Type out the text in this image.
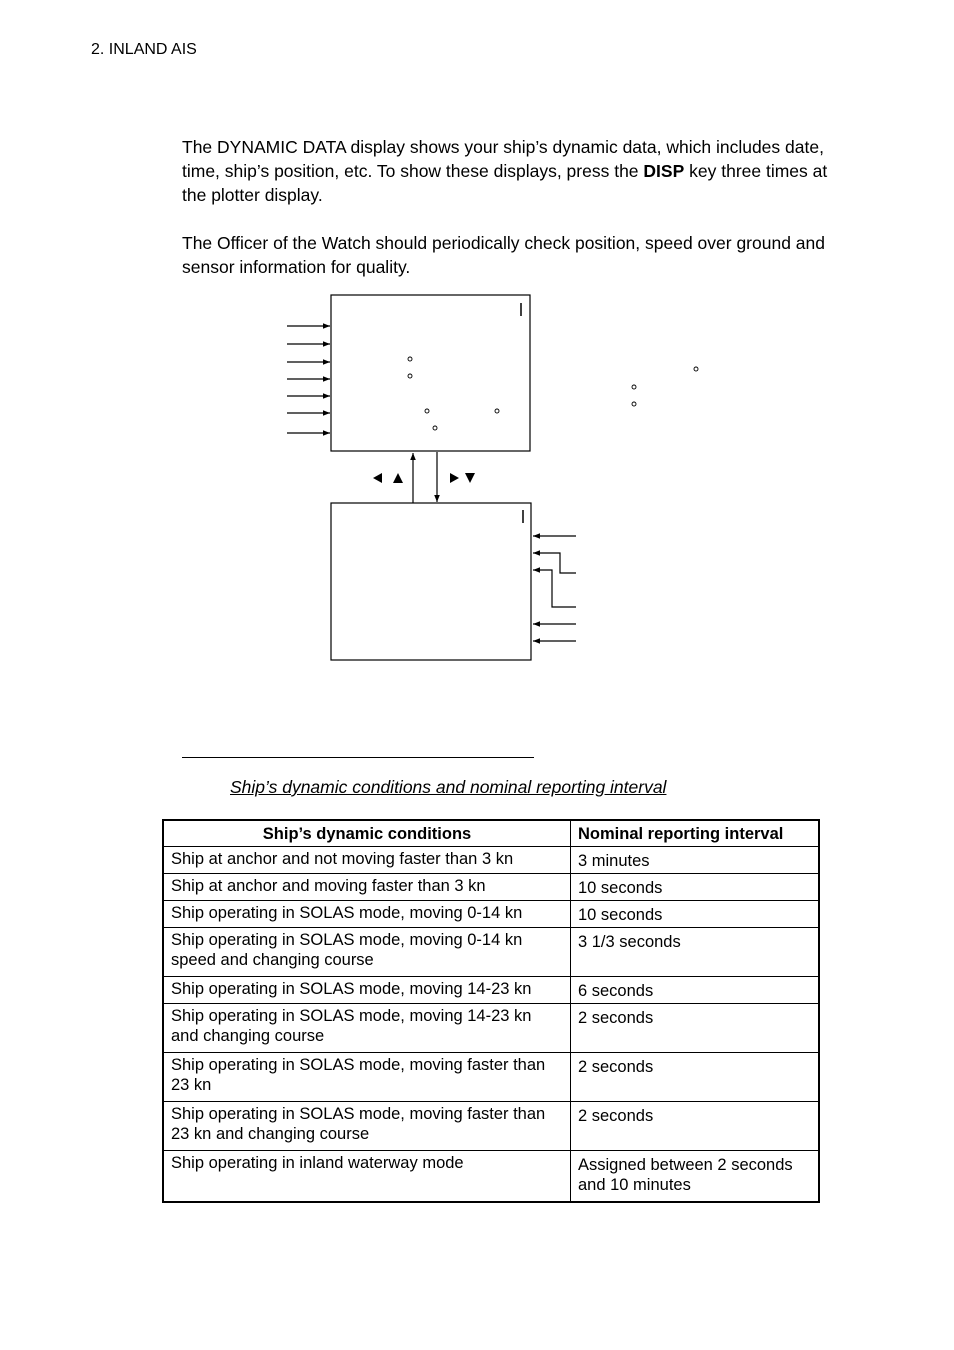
2. INLAND AIS

The DYNAMIC DATA display shows your ship’s dynamic data, which includes date, time, ship’s position, etc. To show these displays, press the DISP key three times at the plotter display.

The Officer of the Watch should periodically check position, speed over ground and sensor information for quality.

Ship’s dynamic conditions and nominal reporting interval
Ship’s dynamic conditions	Nominal reporting interval
Ship at anchor and not moving faster than 3 kn	3 minutes
Ship at anchor and moving faster than 3 kn	10 seconds
Ship operating in SOLAS mode, moving 0-14 kn	10 seconds
Ship operating in SOLAS mode, moving 0-14 kn speed and changing course	3 1/3 seconds
Ship operating in SOLAS mode, moving 14-23 kn	6 seconds
Ship operating in SOLAS mode, moving 14-23 kn and changing course	2 seconds
Ship operating in SOLAS mode, moving faster than 23 kn	2 seconds
Ship operating in SOLAS mode, moving faster than 23 kn and changing course	2 seconds
Ship operating in inland waterway mode	Assigned between 2 seconds and 10 minutes
